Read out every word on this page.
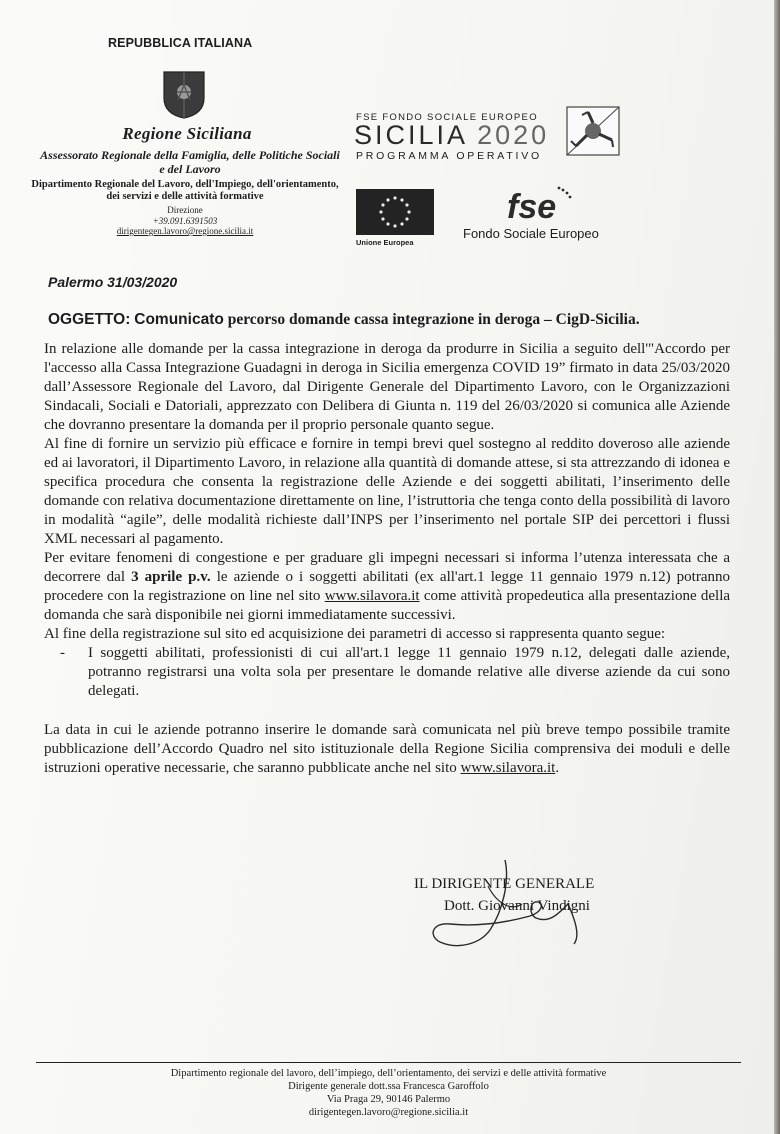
REPUBBLICA ITALIANA
Regione Siciliana
Assessorato Regionale della Famiglia, delle Politiche Sociali e del Lavoro
Dipartimento Regionale del Lavoro, dell'Impiego, dell'orientamento, dei servizi e delle attività formative
Direzione
+39.091.6391503
dirigentegen.lavoro@regione.sicilia.it
FSE FONDO SOCIALE EUROPEO
SICILIA 2020
PROGRAMMA OPERATIVO
Unione Europea
fse
Fondo Sociale Europeo
Palermo 31/03/2020
OGGETTO: Comunicato percorso domande cassa integrazione in deroga – CigD-Sicilia.

In relazione alle domande per la cassa integrazione in deroga da produrre in Sicilia a seguito dell'"Accordo per l'accesso alla Cassa Integrazione Guadagni in deroga in Sicilia emergenza COVID 19” firmato in data 25/03/2020 dall’Assessore Regionale del Lavoro, dal Dirigente Generale del Dipartimento Lavoro, con le Organizzazioni Sindacali, Sociali e Datoriali, apprezzato con Delibera di Giunta n. 119 del 26/03/2020 si comunica alle Aziende che dovranno presentare la domanda per il proprio personale quanto segue.

Al fine di fornire un servizio più efficace e fornire in tempi brevi quel sostegno al reddito doveroso alle aziende ed ai lavoratori, il Dipartimento Lavoro, in relazione alla quantità di domande attese, si sta attrezzando di idonea e specifica procedura che consenta la registrazione delle Aziende e dei soggetti abilitati, l’inserimento delle domande con relativa documentazione direttamente on line, l’istruttoria che tenga conto della possibilità di lavoro in modalità “agile”, delle modalità richieste dall’INPS per l’inserimento nel portale SIP dei percettori i flussi XML necessari al pagamento.

Per evitare fenomeni di congestione e per graduare gli impegni necessari si informa l’utenza interessata che a decorrere dal 3 aprile p.v. le aziende o i soggetti abilitati (ex all'art.1 legge 11 gennaio 1979 n.12) potranno procedere con la registrazione on line nel sito www.silavora.it come attività propedeutica alla presentazione della domanda che sarà disponibile nei giorni immediatamente successivi.

Al fine della registrazione sul sito ed acquisizione dei parametri di accesso si rappresenta quanto segue:

-	I soggetti abilitati, professionisti di cui all'art.1 legge 11 gennaio 1979 n.12, delegati dalle aziende, potranno registrarsi una volta sola per presentare le domande relative alle diverse aziende da cui sono delegati.

La data in cui le aziende potranno inserire le domande sarà comunicata nel più breve tempo possibile tramite pubblicazione dell’Accordo Quadro nel sito istituzionale della Regione Sicilia comprensiva dei moduli e delle istruzioni operative necessarie, che saranno pubblicate anche nel sito www.silavora.it.

IL DIRIGENTE GENERALE
Dott. Giovanni Vindigni
Dipartimento regionale del lavoro, dell’impiego, dell’orientamento, dei servizi e delle attività formative
Dirigente generale dott.ssa Francesca Garoffolo
Via Praga 29, 90146 Palermo
dirigentegen.lavoro@regione.sicilia.it
